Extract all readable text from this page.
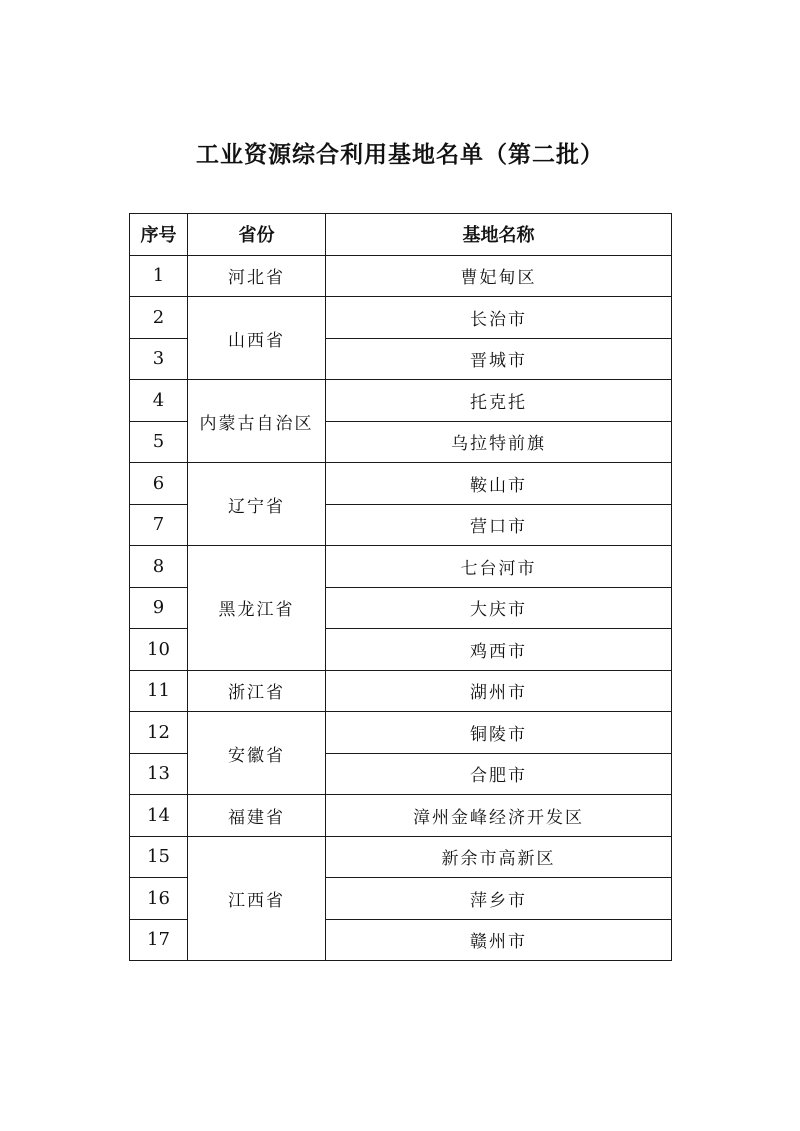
工业资源综合利用基地名单（第二批）
序号	省份	基地名称
1	河北省	曹妃甸区
2	山西省	长治市
3		晋城市
4	内蒙古自治区	托克托
5		乌拉特前旗
6	辽宁省	鞍山市
7		营口市
8	黑龙江省	七台河市
9		大庆市
10		鸡西市
11	浙江省	湖州市
12	安徽省	铜陵市
13		合肥市
14	福建省	漳州金峰经济开发区
15	江西省	新余市高新区
16		萍乡市
17		赣州市
